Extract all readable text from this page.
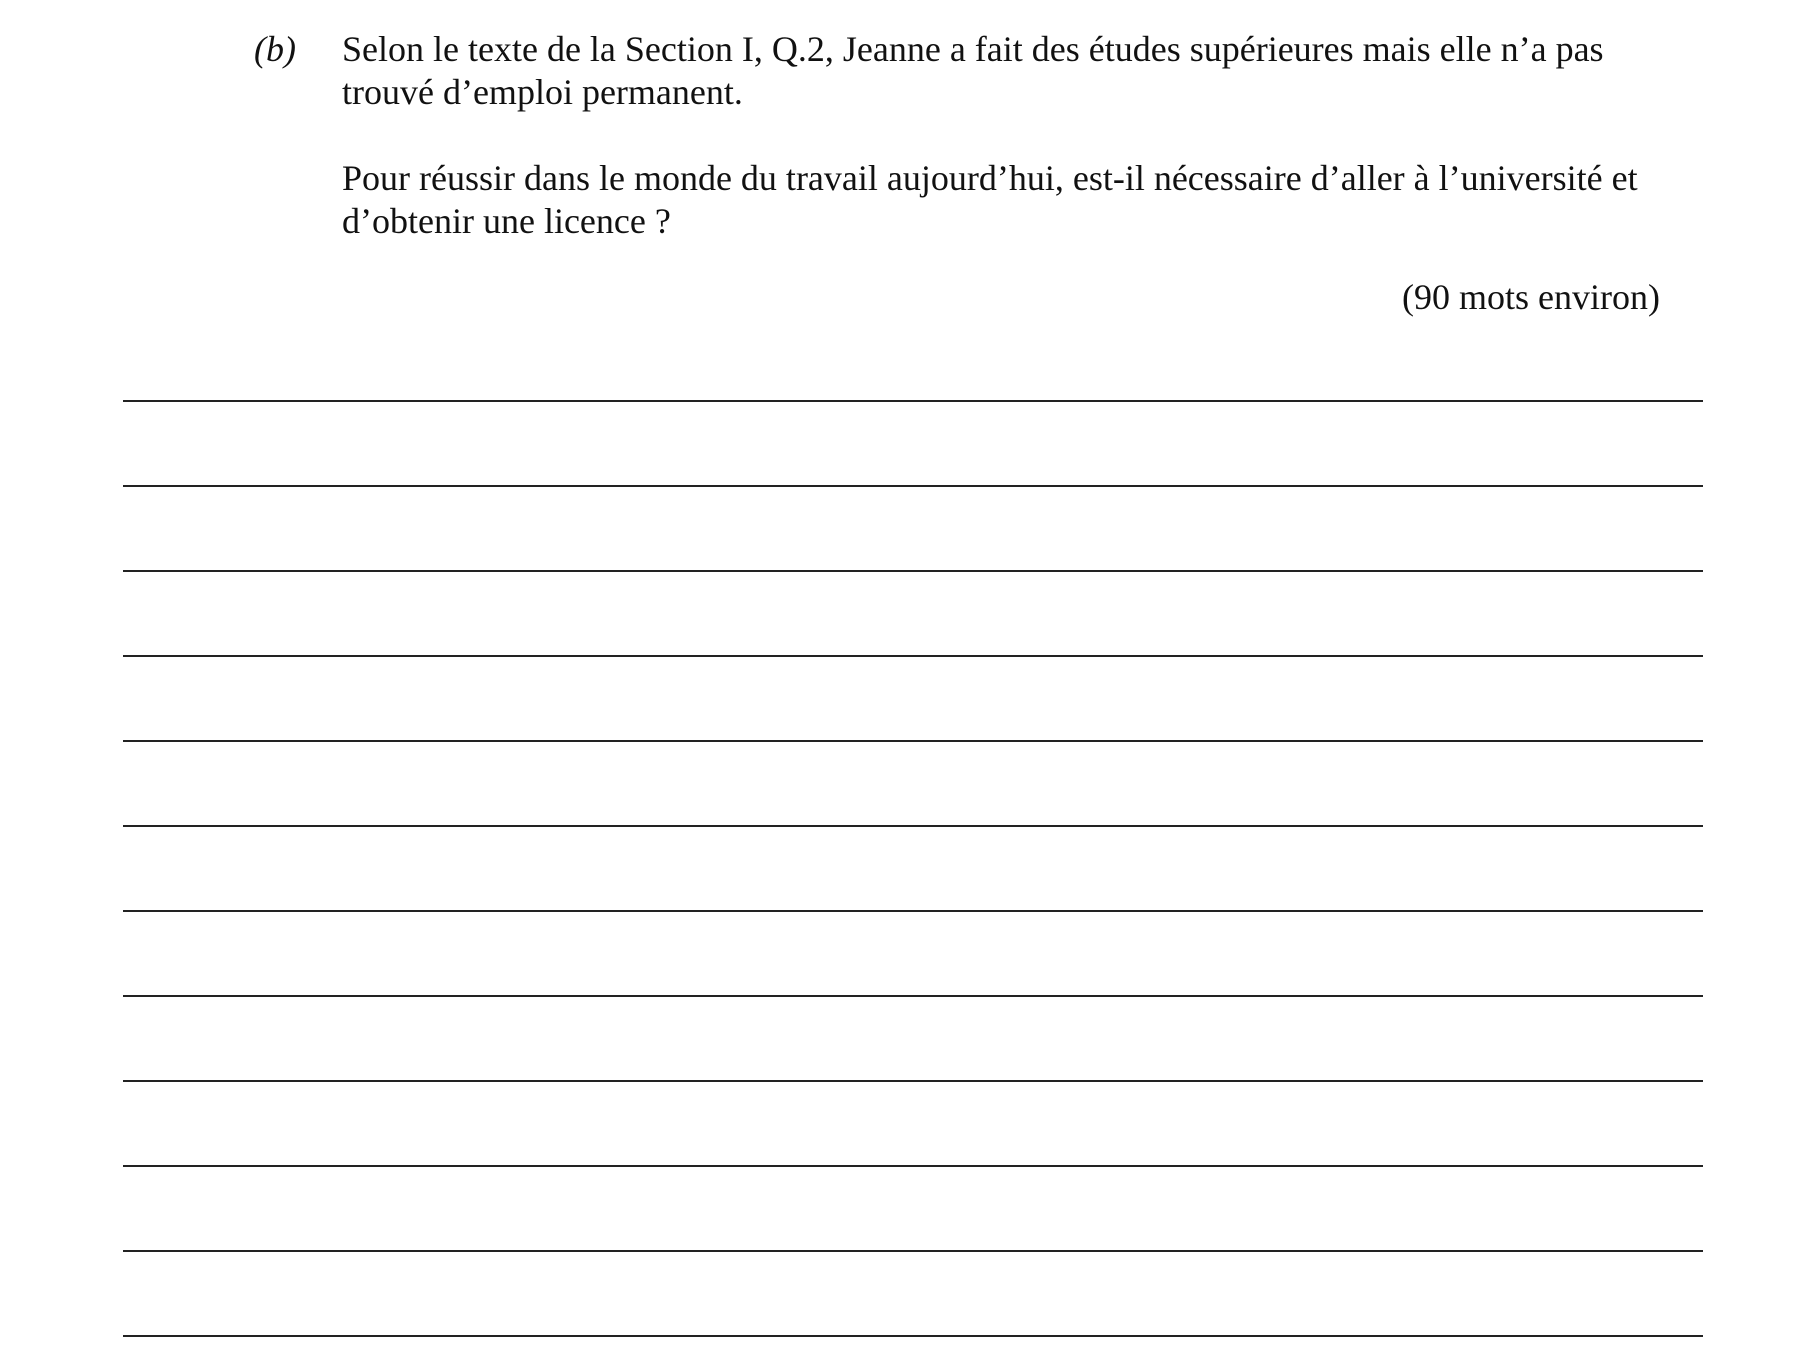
(b) Selon le texte de la Section I, Q.2, Jeanne a fait des études supérieures mais elle n’a pas trouvé d’emploi permanent.

Pour réussir dans le monde du travail aujourd’hui, est-il nécessaire d’aller à l’université et d’obtenir une licence ?

(90 mots environ)
